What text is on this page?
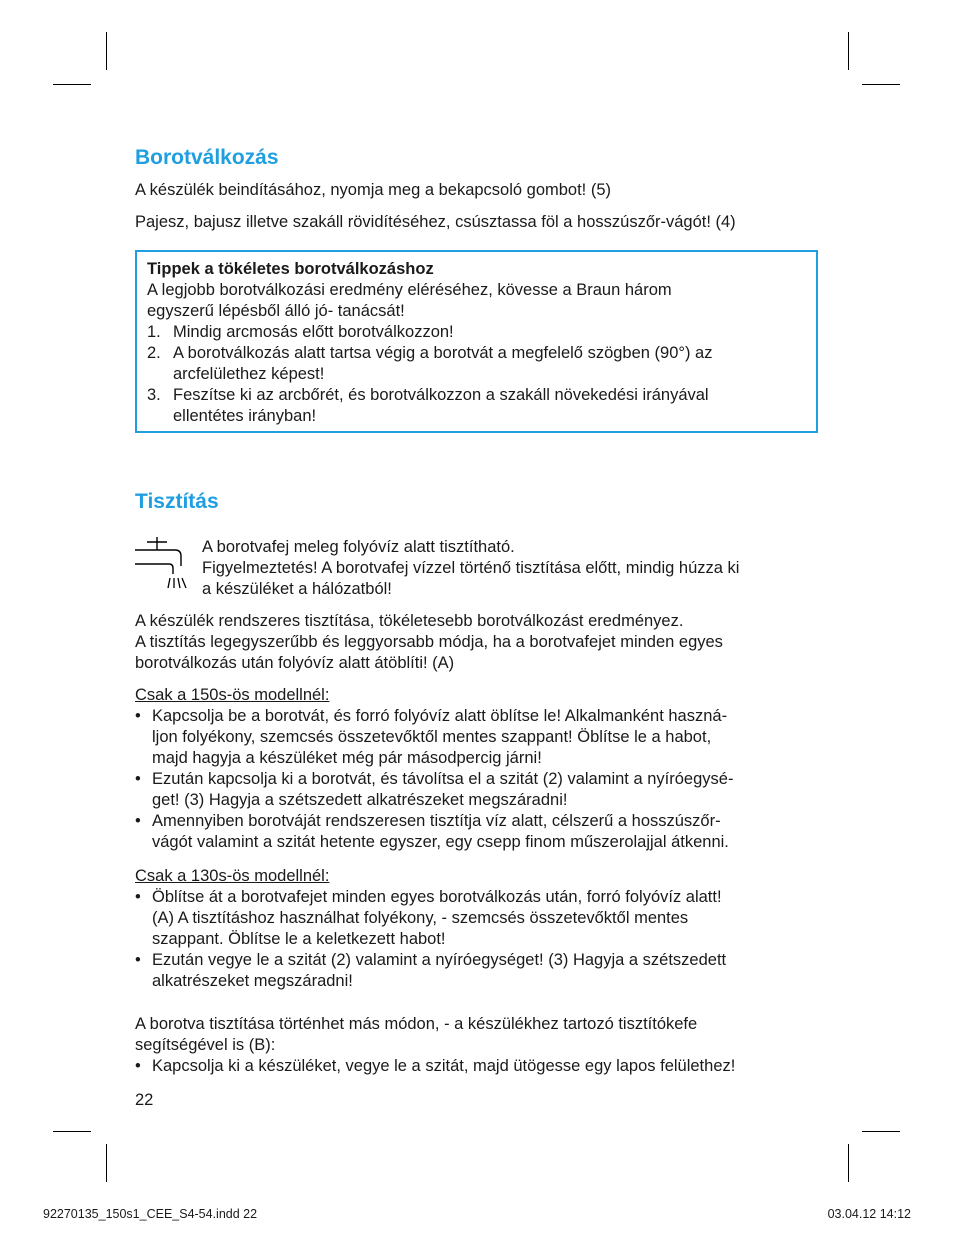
Borotválkozás

A készülék beindításához, nyomja meg a bekapcsoló gombot! (5)

Pajesz, bajusz illetve szakáll rövidítéséhez, csúsztassa föl a hosszúszőr-vágót! (4)

Tippek a tökéletes borotválkozáshoz
A legjobb borotválkozási eredmény eléréséhez, kövesse a Braun három
egyszerű lépésből álló jó- tanácsát!
1. Mindig arcmosás előtt borotválkozzon!
2. A borotválkozás alatt tartsa végig a borotvát a megfelelő szögben (90°) az
arcfelülethez képest!
3. Feszítse ki az arcbőrét, és borotválkozzon a szakáll növekedési irányával
ellentétes irányban!
Tisztítás
A borotvafej meleg folyóvíz alatt tisztítható.
Figyelmeztetés! A borotvafej vízzel történő tisztítása előtt, mindig húzza ki
a készüléket a hálózatból!
A készülék rendszeres tisztítása, tökéletesebb borotválkozást eredményez.
A tisztítás legegyszerűbb és leggyorsabb módja, ha a borotvafejet minden egyes
borotválkozás után folyóvíz alatt átöblíti! (A)
Csak a 150s-ös modellnél:
• Kapcsolja be a borotvát, és forró folyóvíz alatt öblítse le! Alkalmanként haszná-
ljon folyékony, szemcsés összetevőktől mentes szappant! Öblítse le a habot,
majd hagyja a készüléket még pár másodpercig járni!
• Ezután kapcsolja ki a borotvát, és távolítsa el a szitát (2) valamint a nyíróegysé-
get! (3) Hagyja a szétszedett alkatrészeket megszáradni!
• Amennyiben borotváját rendszeresen tisztítja víz alatt, célszerű a hosszúszőr-
vágót valamint a szitát hetente egyszer, egy csepp finom műszerolajjal átkenni.
Csak a 130s-ös modellnél:
• Öblítse át a borotvafejet minden egyes borotválkozás után, forró folyóvíz alatt!
(A) A tisztításhoz használhat folyékony, - szemcsés összetevőktől mentes
szappant. Öblítse le a keletkezett habot!
• Ezután vegye le a szitát (2) valamint a nyíróegységet! (3) Hagyja a szétszedett
alkatrészeket megszáradni!
A borotva tisztítása történhet más módon, - a készülékhez tartozó tisztítókefe
segítségével is (B):
• Kapcsolja ki a készüléket, vegye le a szitát, majd ütögesse egy lapos felülethez!

22

92270135_150s1_CEE_S4-54.indd 22	03.04.12 14:12
